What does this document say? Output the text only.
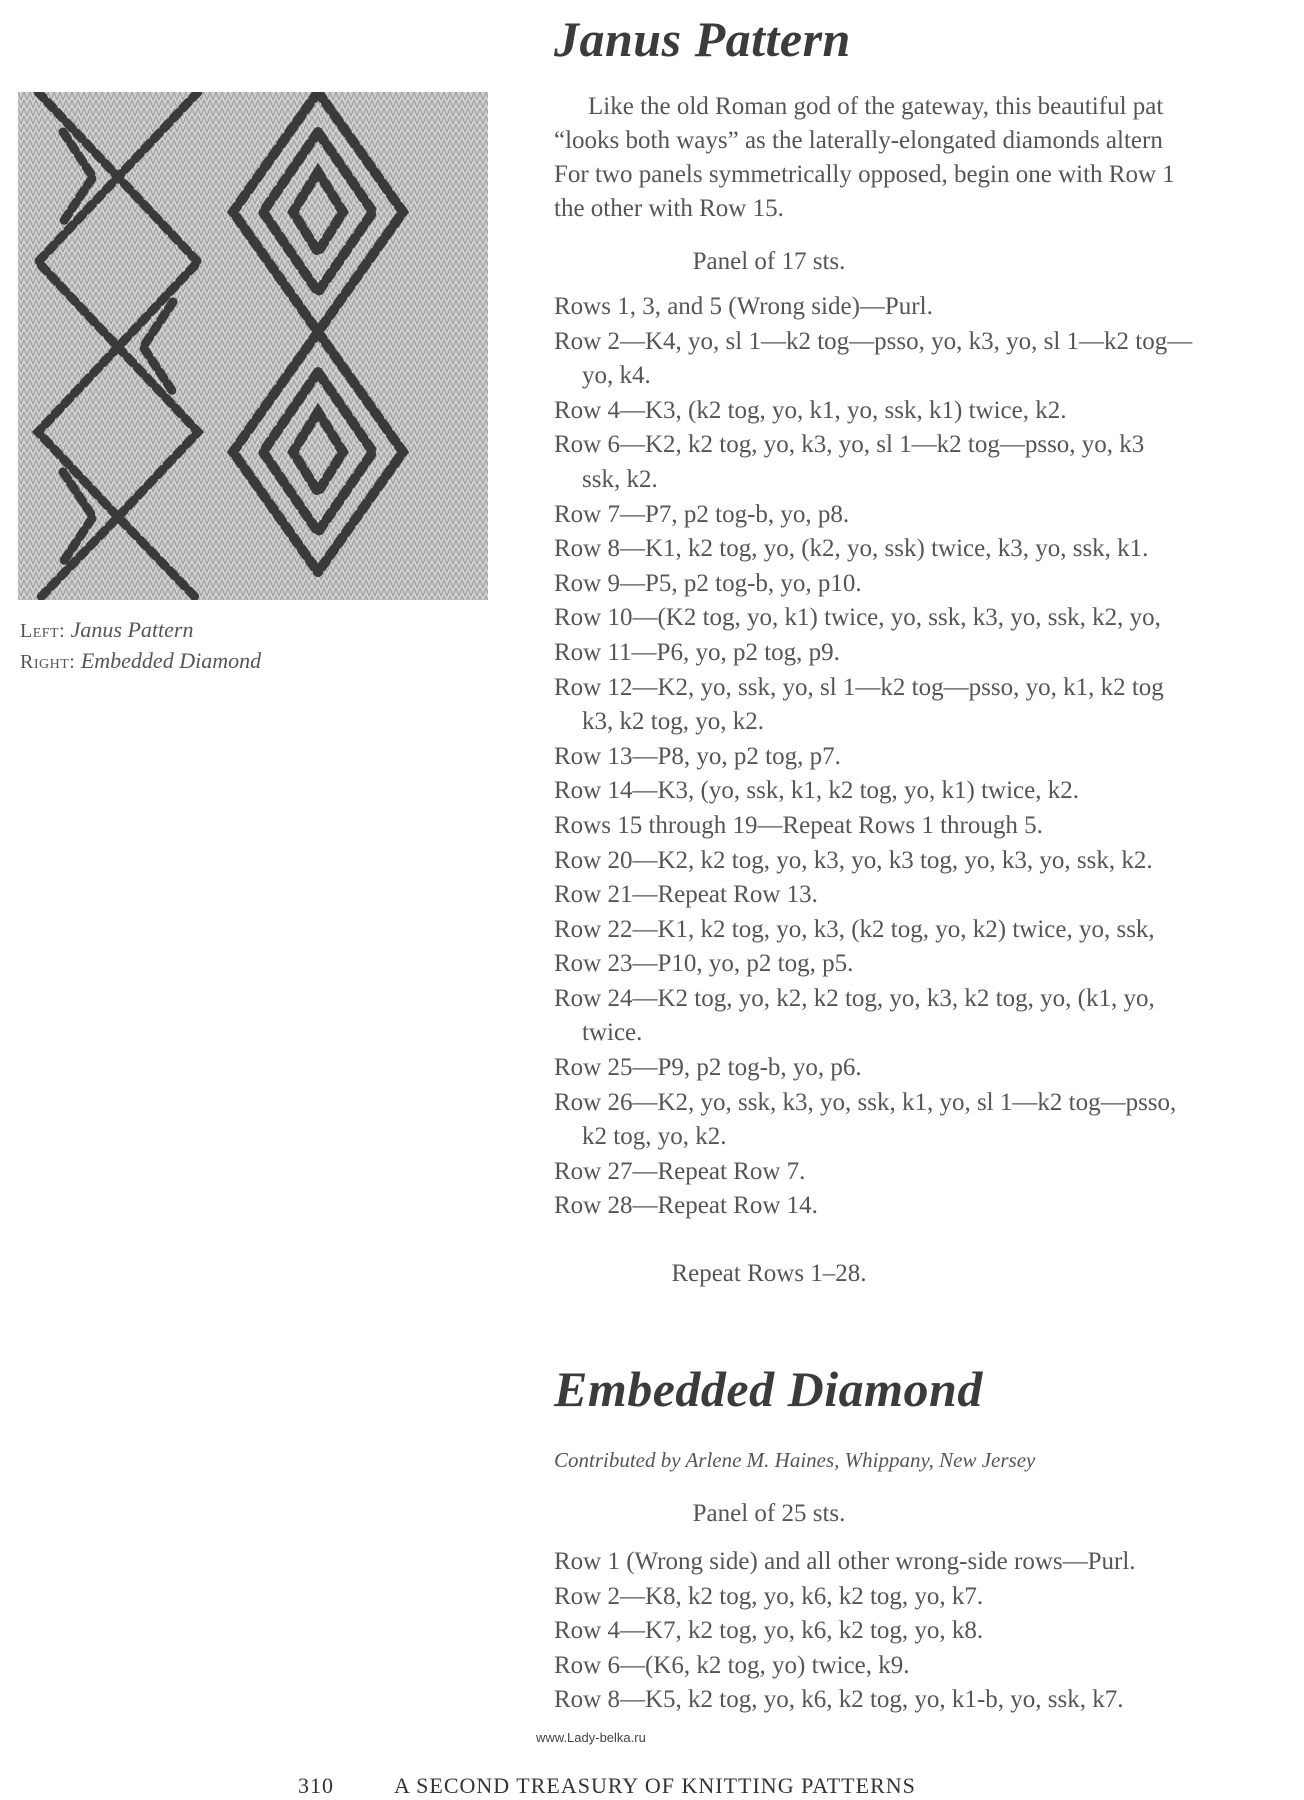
Left: Janus Pattern
Right: Embedded Diamond
Janus Pattern
Like the old Roman god of the gateway, this beautiful pat
“looks both ways” as the laterally-elongated diamonds altern
For two panels symmetrically opposed, begin one with Row 1
the other with Row 15.
Panel of 17 sts.
Rows 1, 3, and 5 (Wrong side)—Purl.
Row 2—K4, yo, sl 1—k2 tog—psso, yo, k3, yo, sl 1—k2 tog—
yo, k4.
Row 4—K3, (k2 tog, yo, k1, yo, ssk, k1) twice, k2.
Row 6—K2, k2 tog, yo, k3, yo, sl 1—k2 tog—psso, yo, k3
ssk, k2.
Row 7—P7, p2 tog-b, yo, p8.
Row 8—K1, k2 tog, yo, (k2, yo, ssk) twice, k3, yo, ssk, k1.
Row 9—P5, p2 tog-b, yo, p10.
Row 10—(K2 tog, yo, k1) twice, yo, ssk, k3, yo, ssk, k2, yo,
Row 11—P6, yo, p2 tog, p9.
Row 12—K2, yo, ssk, yo, sl 1—k2 tog—psso, yo, k1, k2 tog
k3, k2 tog, yo, k2.
Row 13—P8, yo, p2 tog, p7.
Row 14—K3, (yo, ssk, k1, k2 tog, yo, k1) twice, k2.
Rows 15 through 19—Repeat Rows 1 through 5.
Row 20—K2, k2 tog, yo, k3, yo, k3 tog, yo, k3, yo, ssk, k2.
Row 21—Repeat Row 13.
Row 22—K1, k2 tog, yo, k3, (k2 tog, yo, k2) twice, yo, ssk,
Row 23—P10, yo, p2 tog, p5.
Row 24—K2 tog, yo, k2, k2 tog, yo, k3, k2 tog, yo, (k1, yo,
twice.
Row 25—P9, p2 tog-b, yo, p6.
Row 26—K2, yo, ssk, k3, yo, ssk, k1, yo, sl 1—k2 tog—psso,
k2 tog, yo, k2.
Row 27—Repeat Row 7.
Row 28—Repeat Row 14.
Repeat Rows 1–28.
Embedded Diamond
Contributed by Arlene M. Haines, Whippany, New Jersey
Panel of 25 sts.
Row 1 (Wrong side) and all other wrong-side rows—Purl.
Row 2—K8, k2 tog, yo, k6, k2 tog, yo, k7.
Row 4—K7, k2 tog, yo, k6, k2 tog, yo, k8.
Row 6—(K6, k2 tog, yo) twice, k9.
Row 8—K5, k2 tog, yo, k6, k2 tog, yo, k1-b, yo, ssk, k7.
www.Lady-belka.ru
310	A SECOND TREASURY OF KNITTING PATTERNS
